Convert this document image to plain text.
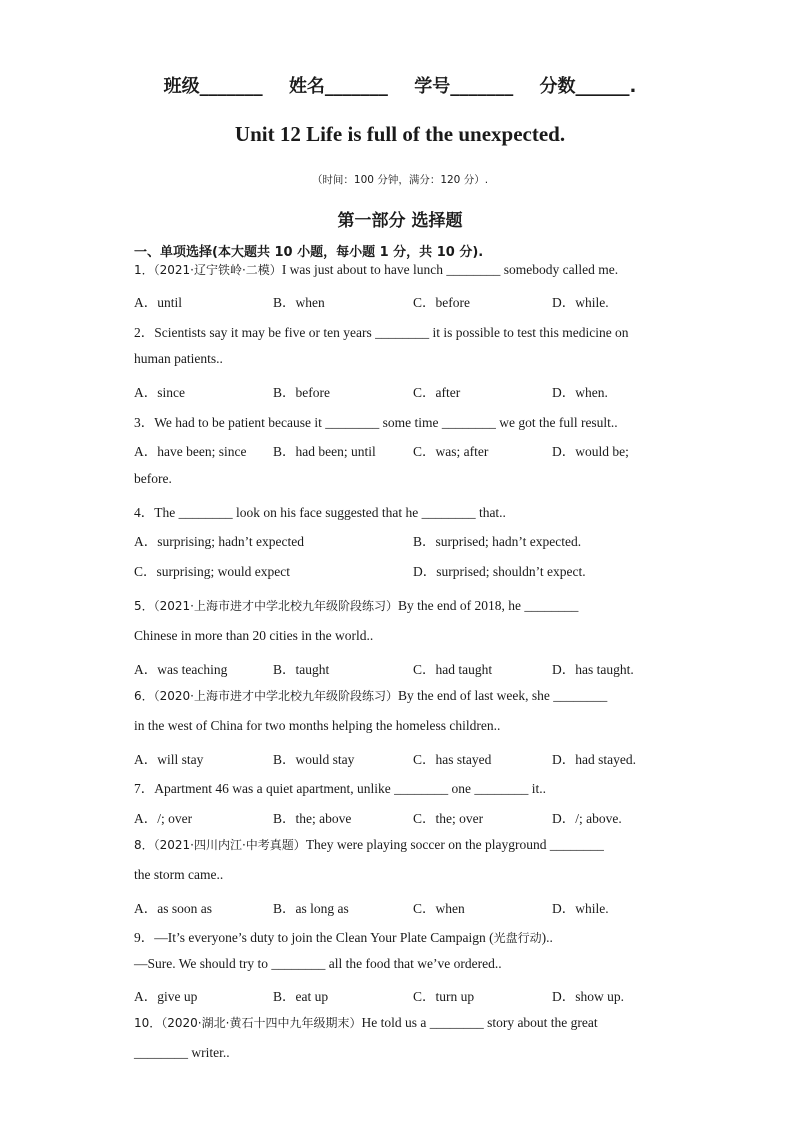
班级_______ 姓名_______ 学号_______ 分数______.
Unit 12 Life is full of the unexpected.
（时间：100 分钟，满分：120 分）.
第一部分 选择题
一、单项选择(本大题共 10 小题，每小题 1 分，共 10 分).
1．（2021·辽宁铁岭·二模）I was just about to have lunch ________ somebody called me.
A．until	B．when	C．before	D．while.
2．Scientists say it may be five or ten years ________ it is possible to test this medicine on
human patients..
A．since	B．before	C．after	D．when.
3．We had to be patient because it ________ some time ________ we got the full result..
A．have been; since B．had been; until	C．was; after	D．would be;
before.
4．The ________ look on his face suggested that he ________ that..
A．surprising; hadn’t expected	B．surprised; hadn’t expected.
C．surprising; would expect	D．surprised; shouldn’t expect.
5．（2021·上海市进才中学北校九年级阶段练习）By the end of 2018, he ________
Chinese in more than 20 cities in the world..
A．was teaching	B．taught	C．had taught	D．has taught.
6．（2020·上海市进才中学北校九年级阶段练习）By the end of last week, she ________
in the west of China for two months helping the homeless children..
A．will stay	B．would stay	C．has stayed	D．had stayed.
7．Apartment 46 was a quiet apartment, unlike ________ one ________ it..
A．/; over	B．the; above	C．the; over	D．/; above.
8．（2021·四川内江·中考真题）They were playing soccer on the playground ________
the storm came..
A．as soon as	B．as long as	C．when	D．while.
9．—It’s everyone’s duty to join the Clean Your Plate Campaign (光盘行动)..
—Sure. We should try to ________ all the food that we’ve ordered..
A．give up	B．eat up	C．turn up	D．show up.
10．（2020·湖北·黄石十四中九年级期末）He told us a ________ story about the great
________ writer..
